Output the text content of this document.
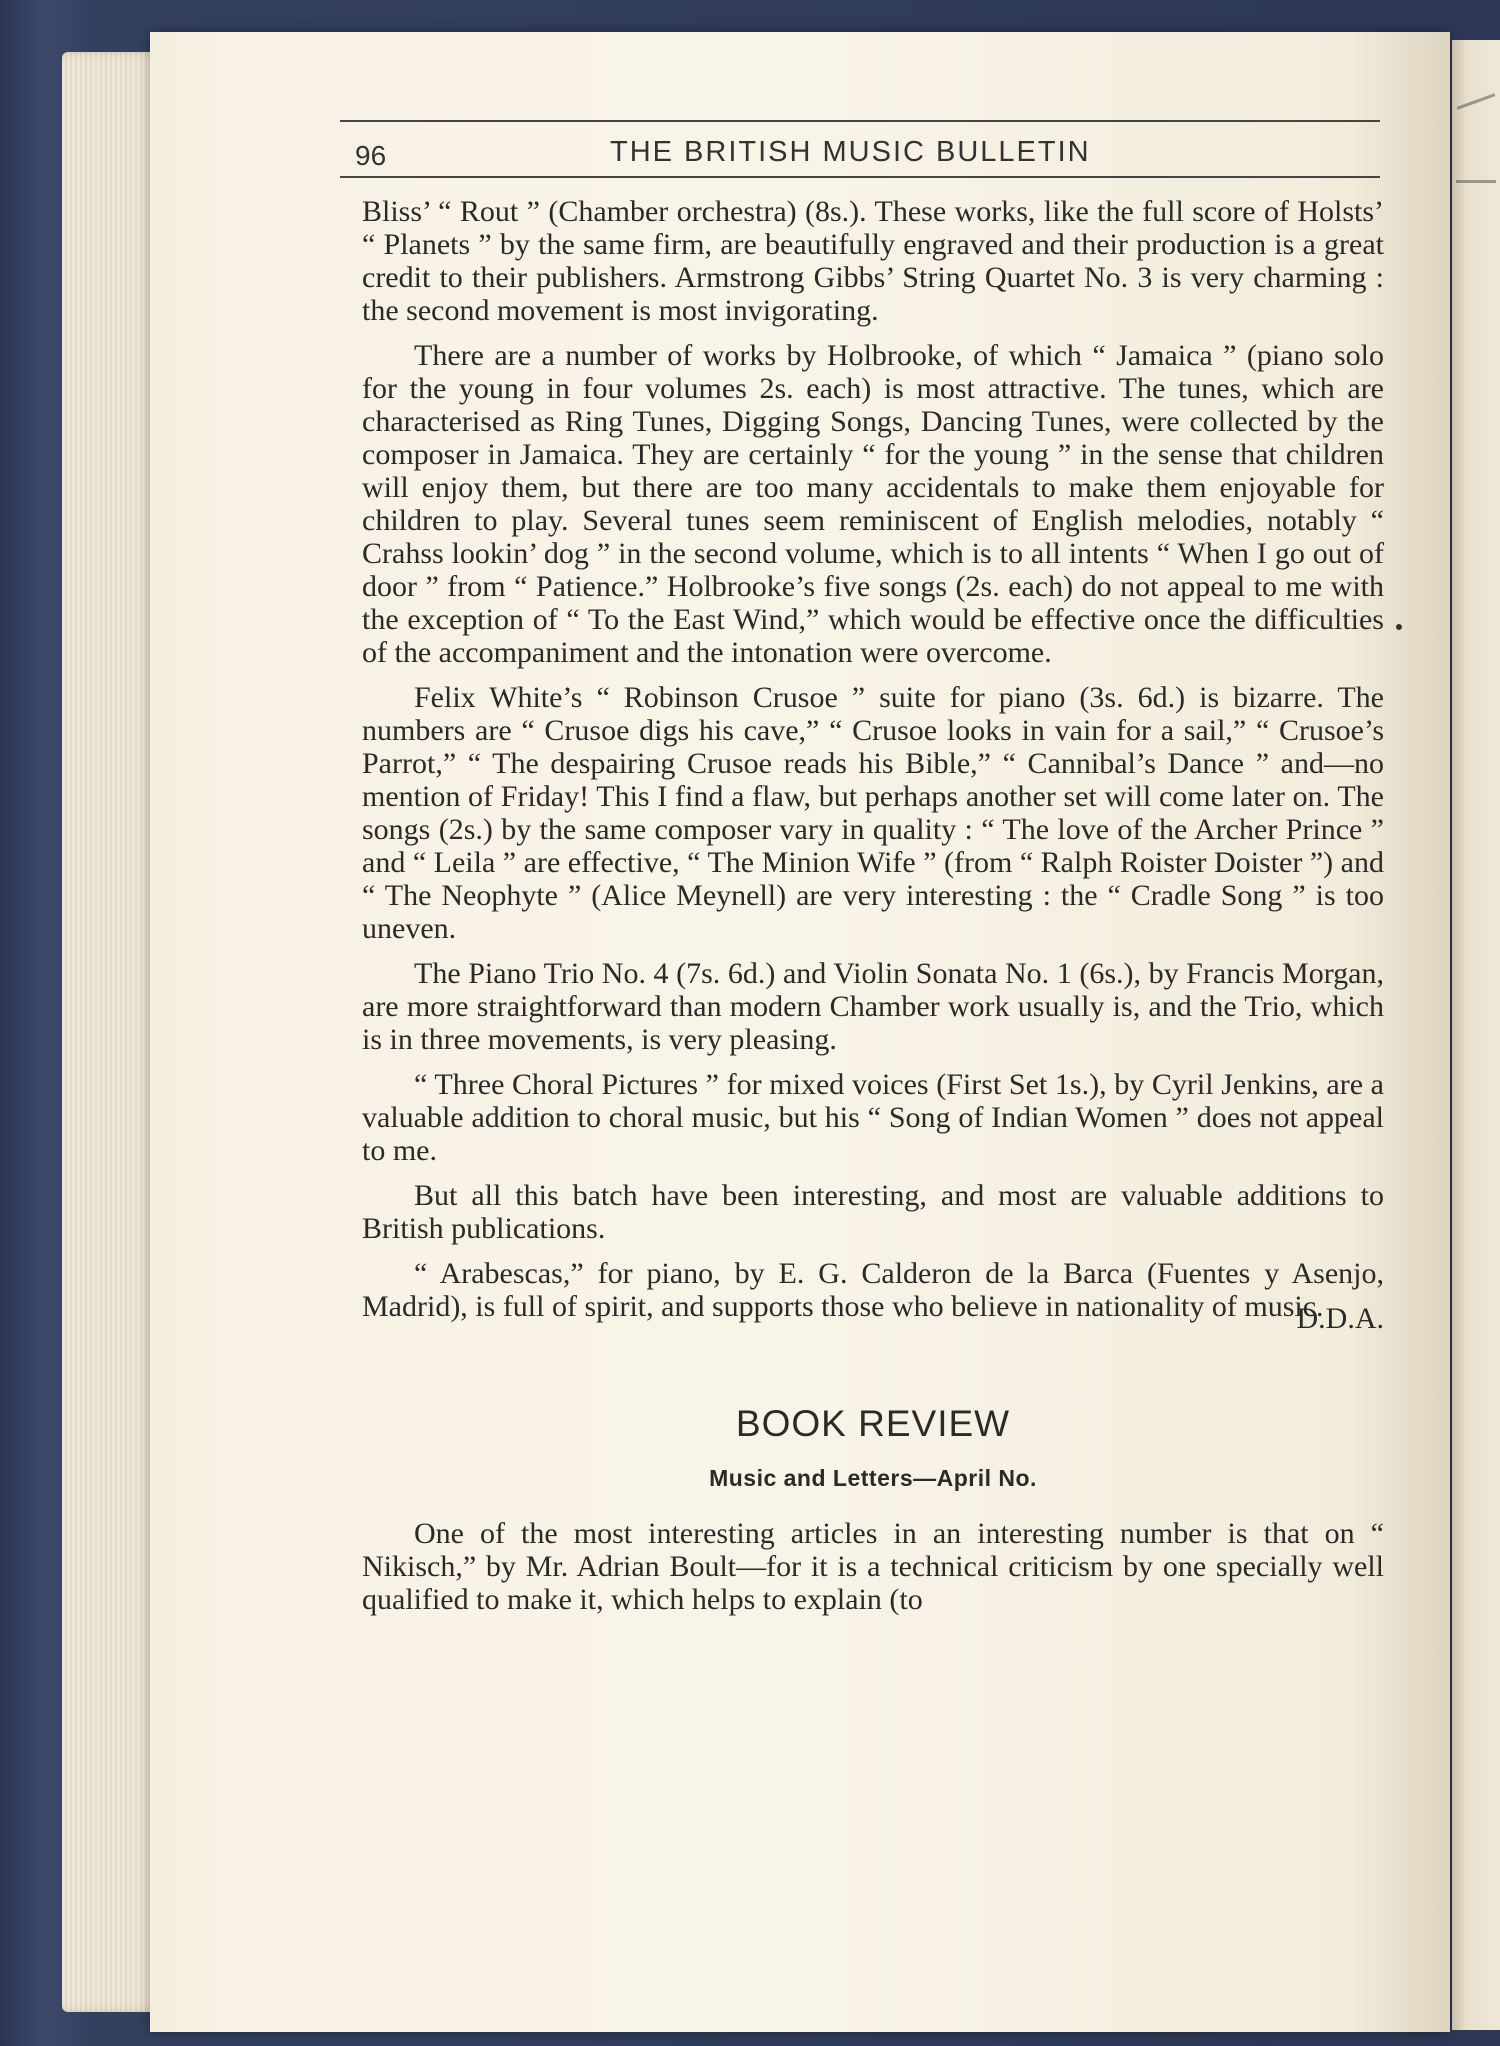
96	THE BRITISH MUSIC BULLETIN

Bliss’ “ Rout ” (Chamber orchestra) (8s.). These works, like the full score of Holsts’ “ Planets ” by the same firm, are beautifully engraved and their production is a great credit to their publishers. Armstrong Gibbs’ String Quartet No. 3 is very charming : the second movement is most invigorating.

There are a number of works by Holbrooke, of which “ Jamaica ” (piano solo for the young in four volumes 2s. each) is most attractive. The tunes, which are characterised as Ring Tunes, Digging Songs, Dancing Tunes, were collected by the composer in Jamaica. They are certainly “ for the young ” in the sense that children will enjoy them, but there are too many accidentals to make them enjoyable for children to play. Several tunes seem reminiscent of English melodies, notably “ Crahss lookin’ dog ” in the second volume, which is to all intents “ When I go out of door ” from “ Patience.” Holbrooke’s five songs (2s. each) do not appeal to me with the exception of “ To the East Wind,” which would be effective once the difficulties of the accompaniment and the intonation were overcome.

Felix White’s “ Robinson Crusoe ” suite for piano (3s. 6d.) is bizarre. The numbers are “ Crusoe digs his cave,” “ Crusoe looks in vain for a sail,” “ Crusoe’s Parrot,” “ The despairing Crusoe reads his Bible,” “ Cannibal’s Dance ” and—no mention of Friday! This I find a flaw, but perhaps another set will come later on. The songs (2s.) by the same composer vary in quality : “ The love of the Archer Prince ” and “ Leila ” are effective, “ The Minion Wife ” (from “ Ralph Roister Doister ”) and “ The Neophyte ” (Alice Meynell) are very interesting : the “ Cradle Song ” is too uneven.

The Piano Trio No. 4 (7s. 6d.) and Violin Sonata No. 1 (6s.), by Francis Morgan, are more straightforward than modern Chamber work usually is, and the Trio, which is in three movements, is very pleasing.

“ Three Choral Pictures ” for mixed voices (First Set 1s.), by Cyril Jenkins, are a valuable addition to choral music, but his “ Song of Indian Women ” does not appeal to me.

But all this batch have been interesting, and most are valuable additions to British publications.

“ Arabescas,” for piano, by E. G. Calderon de la Barca (Fuentes y Asenjo, Madrid), is full of spirit, and supports those who believe in nationality of music.

D.D.A.
BOOK REVIEW
Music and Letters—April No.

One of the most interesting articles in an interesting number is that on “ Nikisch,” by Mr. Adrian Boult—for it is a technical criticism by one specially well qualified to make it, which helps to explain (to
